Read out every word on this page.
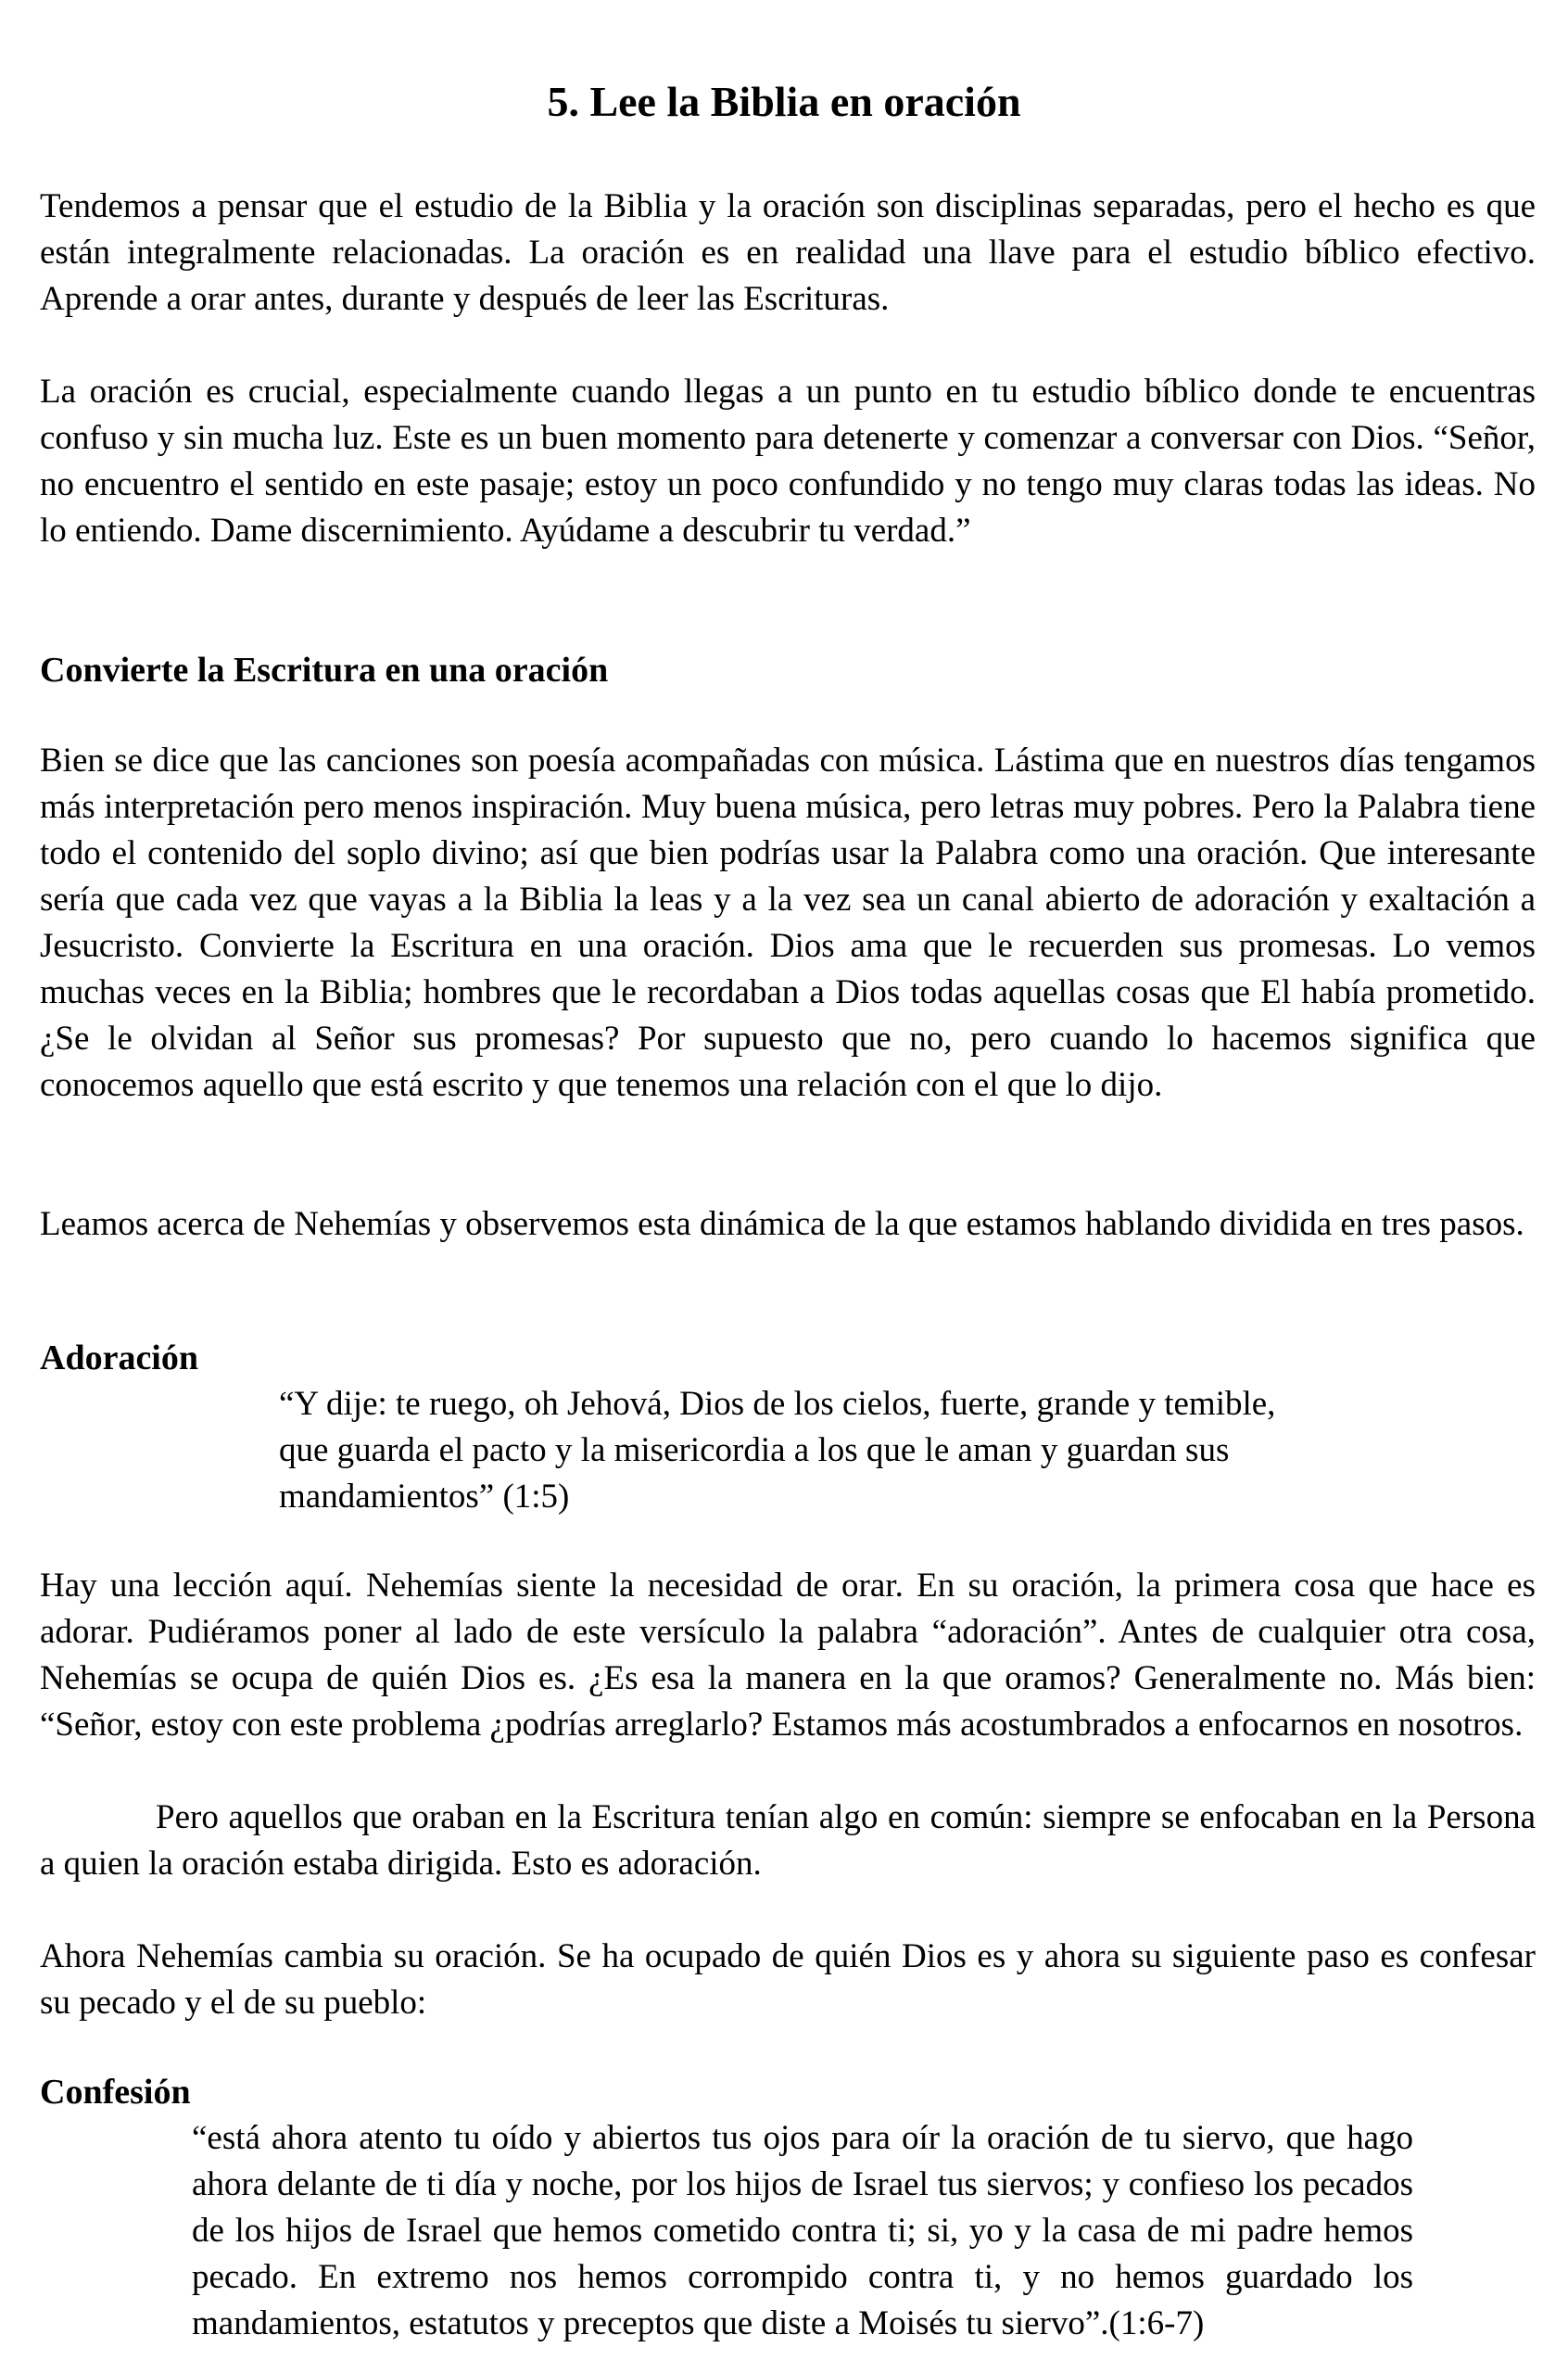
5. Lee la Biblia en oración

Tendemos a pensar que el estudio de la Biblia y la oración son disciplinas separadas, pero el hecho es que están integralmente relacionadas. La oración es en realidad una llave para el estudio bíblico efectivo. Aprende a orar antes, durante y después de leer las Escrituras.

La oración es crucial, especialmente cuando llegas a un punto en tu estudio bíblico donde te encuentras confuso y sin mucha luz. Este es un buen momento para detenerte y comenzar a conversar con Dios. “Señor, no encuentro el sentido en este pasaje; estoy un poco confundido y no tengo muy claras todas las ideas. No lo entiendo. Dame discernimiento. Ayúdame a descubrir tu verdad.”

Convierte la Escritura en una oración

Bien se dice que las canciones son poesía acompañadas con música. Lástima que en nuestros días tengamos más interpretación pero menos inspiración. Muy buena música, pero letras muy pobres. Pero la Palabra tiene todo el contenido del soplo divino; así que bien podrías usar la Palabra como una oración. Que interesante sería que cada vez que vayas a la Biblia la leas y a la vez sea un canal abierto de adoración y exaltación a Jesucristo. Convierte la Escritura en una oración. Dios ama que le recuerden sus promesas. Lo vemos muchas veces en la Biblia; hombres que le recordaban a Dios todas aquellas cosas que El había prometido. ¿Se le olvidan al Señor sus promesas? Por supuesto que no, pero cuando lo hacemos significa que conocemos aquello que está escrito y que tenemos una relación con el que lo dijo.

Leamos acerca de Nehemías y observemos esta dinámica de la que estamos hablando dividida en tres pasos.

Adoración

“Y dije: te ruego, oh Jehová, Dios de los cielos, fuerte, grande y temible, que guarda el pacto y la misericordia a los que le aman y guardan sus mandamientos” (1:5)

Hay una lección aquí. Nehemías siente la necesidad de orar. En su oración, la primera cosa que hace es adorar. Pudiéramos poner al lado de este versículo la palabra “adoración”. Antes de cualquier otra cosa, Nehemías se ocupa de quién Dios es. ¿Es esa la manera en la que oramos? Generalmente no. Más bien: “Señor, estoy con este problema ¿podrías arreglarlo? Estamos más acostumbrados a enfocarnos en nosotros.

Pero aquellos que oraban en la Escritura tenían algo en común: siempre se enfocaban en la Persona a quien la oración estaba dirigida. Esto es adoración.

Ahora Nehemías cambia su oración. Se ha ocupado de quién Dios es y ahora su siguiente paso es confesar su pecado y el de su pueblo:

Confesión

“está ahora atento tu oído y abiertos tus ojos para oír la oración de tu siervo, que hago ahora delante de ti día y noche, por los hijos de Israel tus siervos; y confieso los pecados de los hijos de Israel que hemos cometido contra ti; si, yo y la casa de mi padre hemos pecado. En extremo nos hemos corrompido contra ti, y no hemos guardado los mandamientos, estatutos y preceptos que diste a Moisés tu siervo”.(1:6-7)
